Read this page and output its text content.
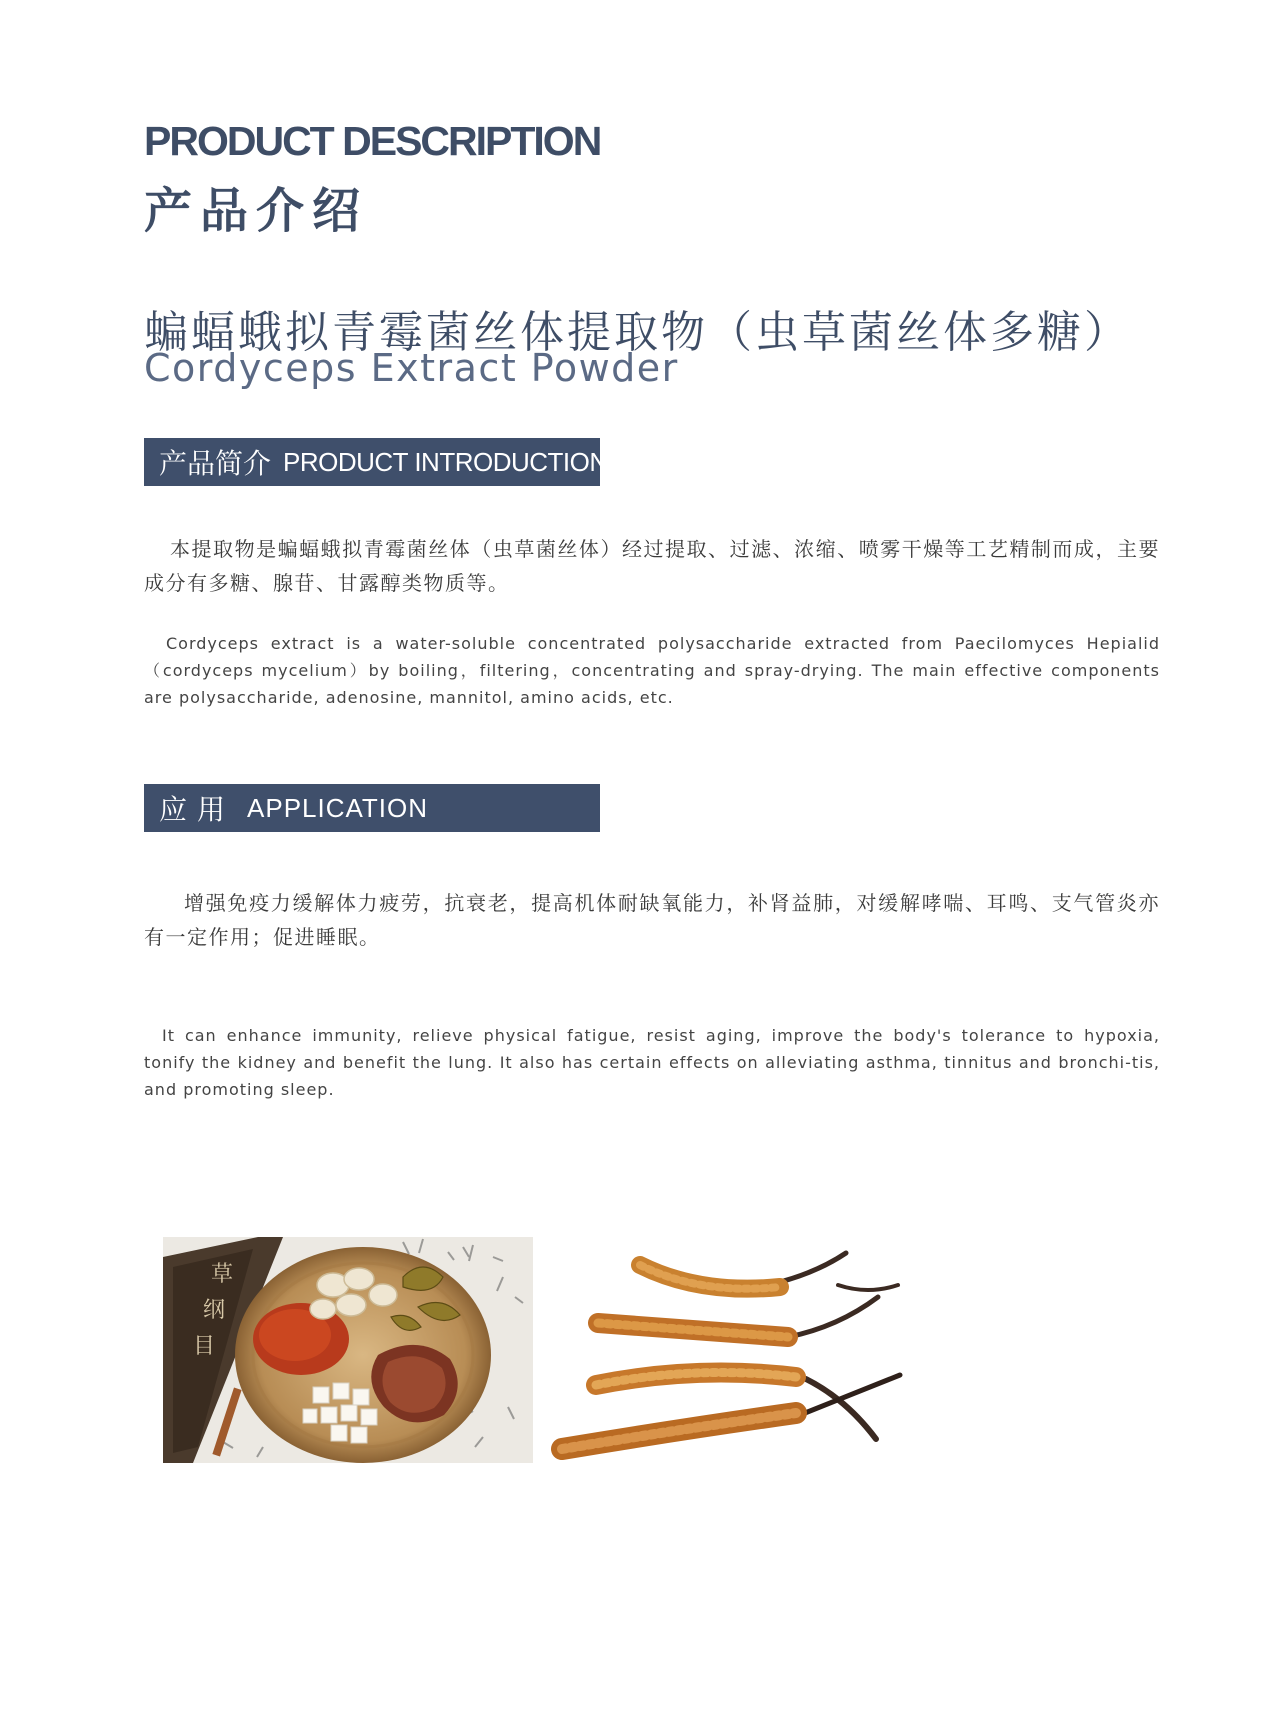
PRODUCT DESCRIPTION
产品介绍
蝙蝠蛾拟青霉菌丝体提取物（虫草菌丝体多糖）
Cordyceps Extract Powder
产品简介 PRODUCT INTRODUCTION

本提取物是蝙蝠蛾拟青霉菌丝体（虫草菌丝体）经过提取、过滤、浓缩、喷雾干燥等工艺精制而成，主要成分有多糖、腺苷、甘露醇类物质等。

Cordyceps extract is a water-soluble concentrated polysaccharide extracted from Paecilomyces Hepialid（cordyceps mycelium）by boiling，filtering，concentrating and spray-drying. The main effective components are polysaccharide, adenosine, mannitol, amino acids, etc.

应用 APPLICATION

增强免疫力缓解体力疲劳，抗衰老，提高机体耐缺氧能力，补肾益肺，对缓解哮喘、耳鸣、支气管炎亦有一定作用；促进睡眠。

It can enhance immunity, relieve physical fatigue, resist aging, improve the body's tolerance to hypoxia, tonify the kidney and benefit the lung. It also has certain effects on alleviating asthma, tinnitus and bronchi-tis, and promoting sleep.

草
纲
目
